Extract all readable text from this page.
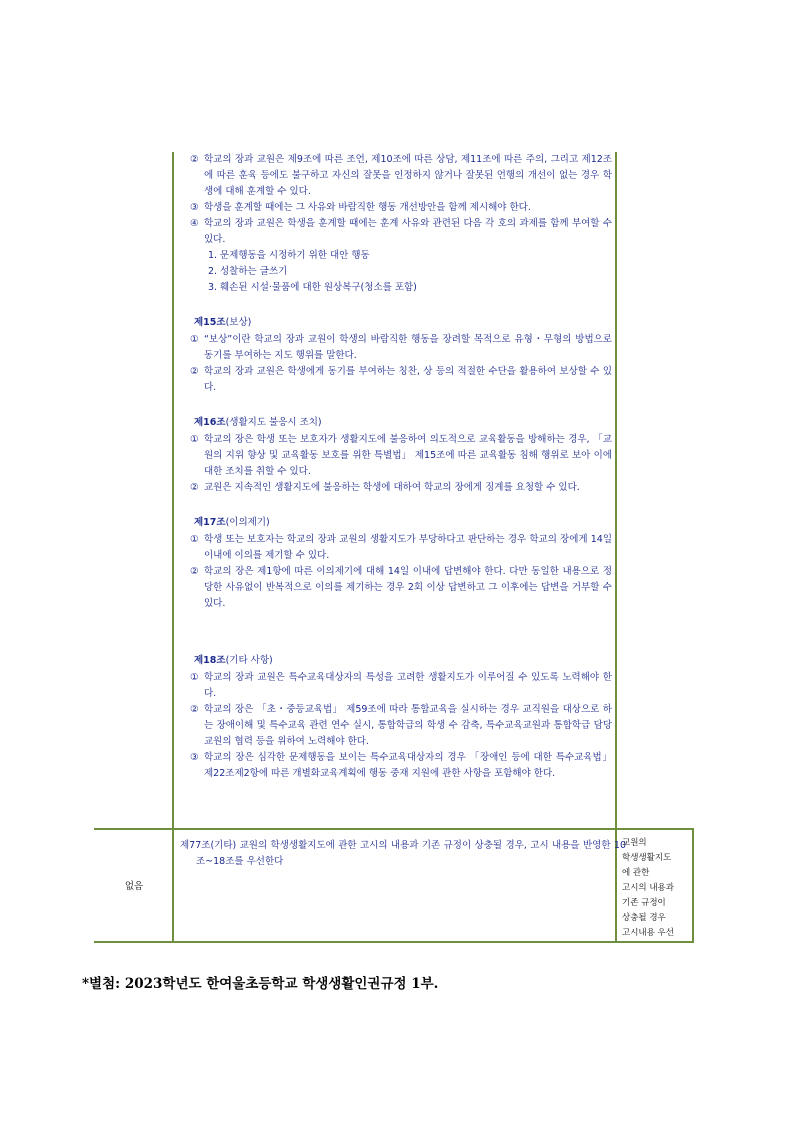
② 학교의 장과 교원은 제9조에 따른 조언, 제10조에 따른 상담, 제11조에 따른 주의, 그리고 제12조에 따른 훈육 등에도 불구하고 자신의 잘못을 인정하지 않거나 잘못된 언행의 개선이 없는 경우 학생에 대해 훈계할 수 있다.

③ 학생을 훈계할 때에는 그 사유와 바람직한 행동 개선방안을 함께 제시해야 한다.

④ 학교의 장과 교원은 학생을 훈계할 때에는 훈계 사유와 관련된 다음 각 호의 과제를 함께 부여할 수 있다.

1. 문제행동을 시정하기 위한 대안 행동

2. 성찰하는 글쓰기

3. 훼손된 시설·물품에 대한 원상복구(청소를 포함)

제15조(보상)

① “보상”이란 학교의 장과 교원이 학생의 바람직한 행동을 장려할 목적으로 유형・무형의 방법으로 동기를 부여하는 지도 행위를 말한다.

② 학교의 장과 교원은 학생에게 동기를 부여하는 칭찬, 상 등의 적절한 수단을 활용하여 보상할 수 있다.

제16조(생활지도 불응시 조치)

① 학교의 장은 학생 또는 보호자가 생활지도에 불응하여 의도적으로 교육활동을 방해하는 경우, 「교원의 지위 향상 및 교육활동 보호를 위한 특별법」 제15조에 따른 교육활동 침해 행위로 보아 이에 대한 조치를 취할 수 있다.

② 교원은 지속적인 생활지도에 불응하는 학생에 대하여 학교의 장에게 징계를 요청할 수 있다.

제17조(이의제기)

① 학생 또는 보호자는 학교의 장과 교원의 생활지도가 부당하다고 판단하는 경우 학교의 장에게 14일 이내에 이의를 제기할 수 있다.

② 학교의 장은 제1항에 따른 이의제기에 대해 14일 이내에 답변해야 한다. 다만 동일한 내용으로 정당한 사유없이 반복적으로 이의를 제기하는 경우 2회 이상 답변하고 그 이후에는 답변을 거부할 수 있다.

제18조(기타 사항)

① 학교의 장과 교원은 특수교육대상자의 특성을 고려한 생활지도가 이루어질 수 있도록 노력해야 한다.

② 학교의 장은 「초・중등교육법」 제59조에 따라 통합교육을 실시하는 경우 교직원을 대상으로 하는 장애이해 및 특수교육 관련 연수 실시, 통합학급의 학생 수 감축, 특수교육교원과 통합학급 담당 교원의 협력 등을 위하여 노력해야 한다.

③ 학교의 장은 심각한 문제행동을 보이는 특수교육대상자의 경우 「장애인 등에 대한 특수교육법」 제22조제2항에 따른 개별화교육계획에 행동 중재 지원에 관한 사항을 포함해야 한다.

없음
제77조(기타) 교원의 학생생활지도에 관한 고시의 내용과 기존 규정이 상충될 경우, 고시 내용을 반영한 10조~18조를 우선한다
교원의
학생생활지도
에 관한
고시의 내용과
기존 규정이
상충될 경우
고시내용 우선
*별첨: 2023학년도 한여울초등학교 학생생활인권규정 1부.
